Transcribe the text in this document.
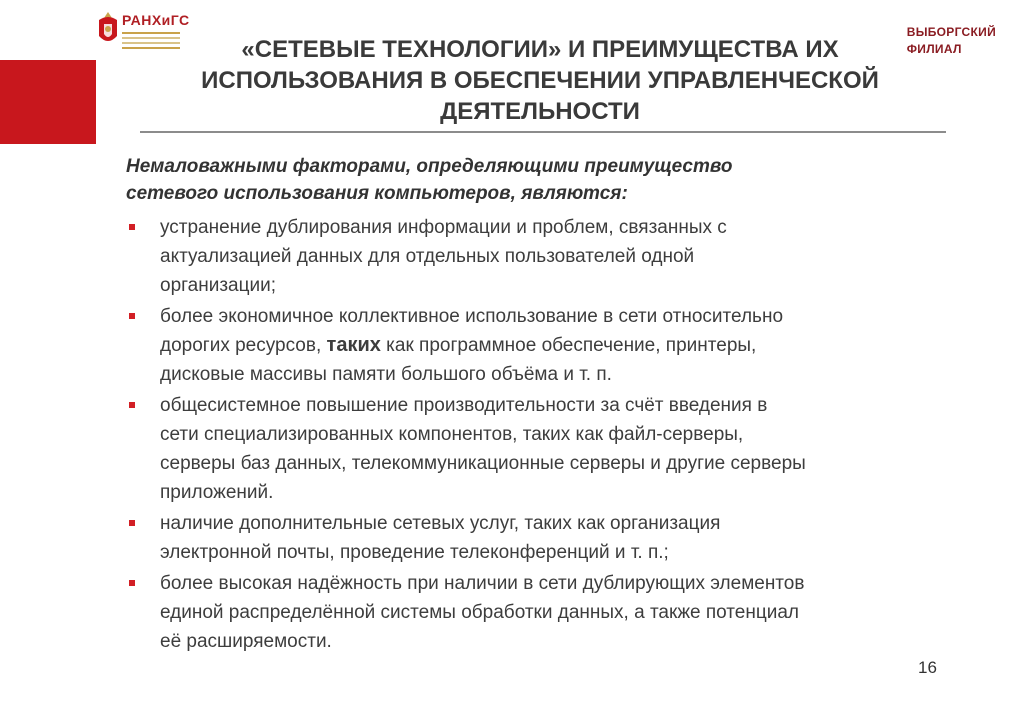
РАНХиГС
ВЫБОРГСКИЙ
ФИЛИАЛ
«СЕТЕВЫЕ ТЕХНОЛОГИИ» И ПРЕИМУЩЕСТВА ИХ
ИСПОЛЬЗОВАНИЯ В ОБЕСПЕЧЕНИИ УПРАВЛЕНЧЕСКОЙ
ДЕЯТЕЛЬНОСТИ
Немаловажными факторами, определяющими преимущество
сетевого использования компьютеров, являются:
устранение дублирования информации и проблем, связанных с
актуализацией данных для отдельных пользователей одной
организации;
более экономичное коллективное использование в сети относительно
дорогих ресурсов, таких как программное обеспечение, принтеры,
дисковые массивы памяти большого объёма и т. п.
общесистемное повышение производительности за счёт введения в
сети специализированных компонентов, таких как файл-серверы,
серверы баз данных, телекоммуникационные серверы и другие серверы
приложений.
наличие дополнительные сетевых услуг, таких как организация
электронной почты, проведение телеконференций и т. п.;
более высокая надёжность при наличии в сети дублирующих элементов
единой распределённой системы обработки данных, а также потенциал
её расширяемости.
16
